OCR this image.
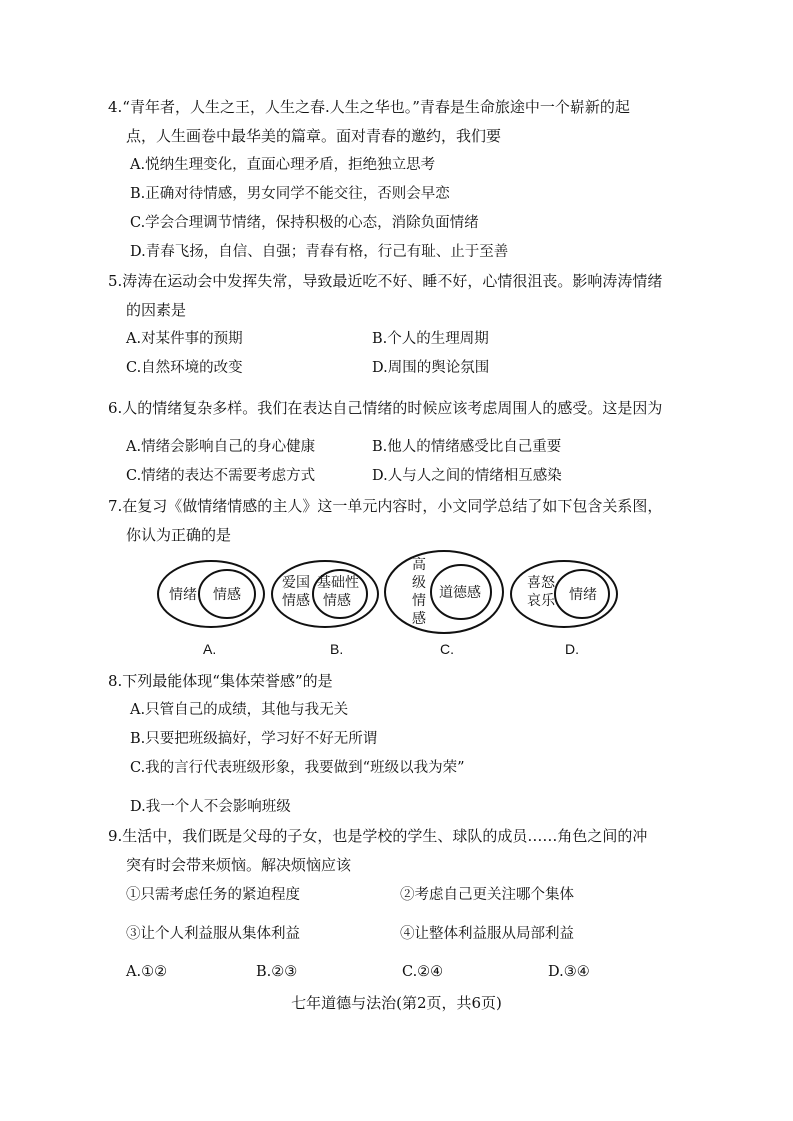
4.“青年者，人生之王，人生之春.人生之华也。”青春是生命旅途中一个崭新的起
点，人生画卷中最华美的篇章。面对青春的邀约，我们要
A.悦纳生理变化，直面心理矛盾，拒绝独立思考
B.正确对待情感，男女同学不能交往，否则会早恋
C.学会合理调节情绪，保持积极的心态，消除负面情绪
D.青春飞扬，自信、自强；青春有格，行己有耻、止于至善
5.涛涛在运动会中发挥失常，导致最近吃不好、睡不好，心情很沮丧。影响涛涛情绪
的因素是
A.对某件事的预期	B.个人的生理周期
C.自然环境的改变	D.周围的舆论氛围
6.人的情绪复杂多样。我们在表达自己情绪的时候应该考虑周围人的感受。这是因为
A.情绪会影响自己的身心健康	B.他人的情绪感受比自己重要
C.情绪的表达不需要考虑方式	D.人与人之间的情绪相互感染
7.在复习《做情绪情感的主人》这一单元内容时，小文同学总结了如下包含关系图，
你认为正确的是
情绪 情感
A.
爱国
情感
基础性
情感
B.
高
级
情
感
道德感
C.
喜怒
哀乐 情绪
D.
8.下列最能体现“集体荣誉感”的是
A.只管自己的成绩，其他与我无关
B.只要把班级搞好，学习好不好无所谓
C.我的言行代表班级形象，我要做到“班级以我为荣”
D.我一个人不会影响班级
9.生活中，我们既是父母的子女，也是学校的学生、球队的成员……角色之间的冲
突有时会带来烦恼。解决烦恼应该
①只需考虑任务的紧迫程度	②考虑自己更关注哪个集体
③让个人利益服从集体利益	④让整体利益服从局部利益
A.①②	B.②③	C.②④	D.③④
七年道德与法治(第2页，共6页)
